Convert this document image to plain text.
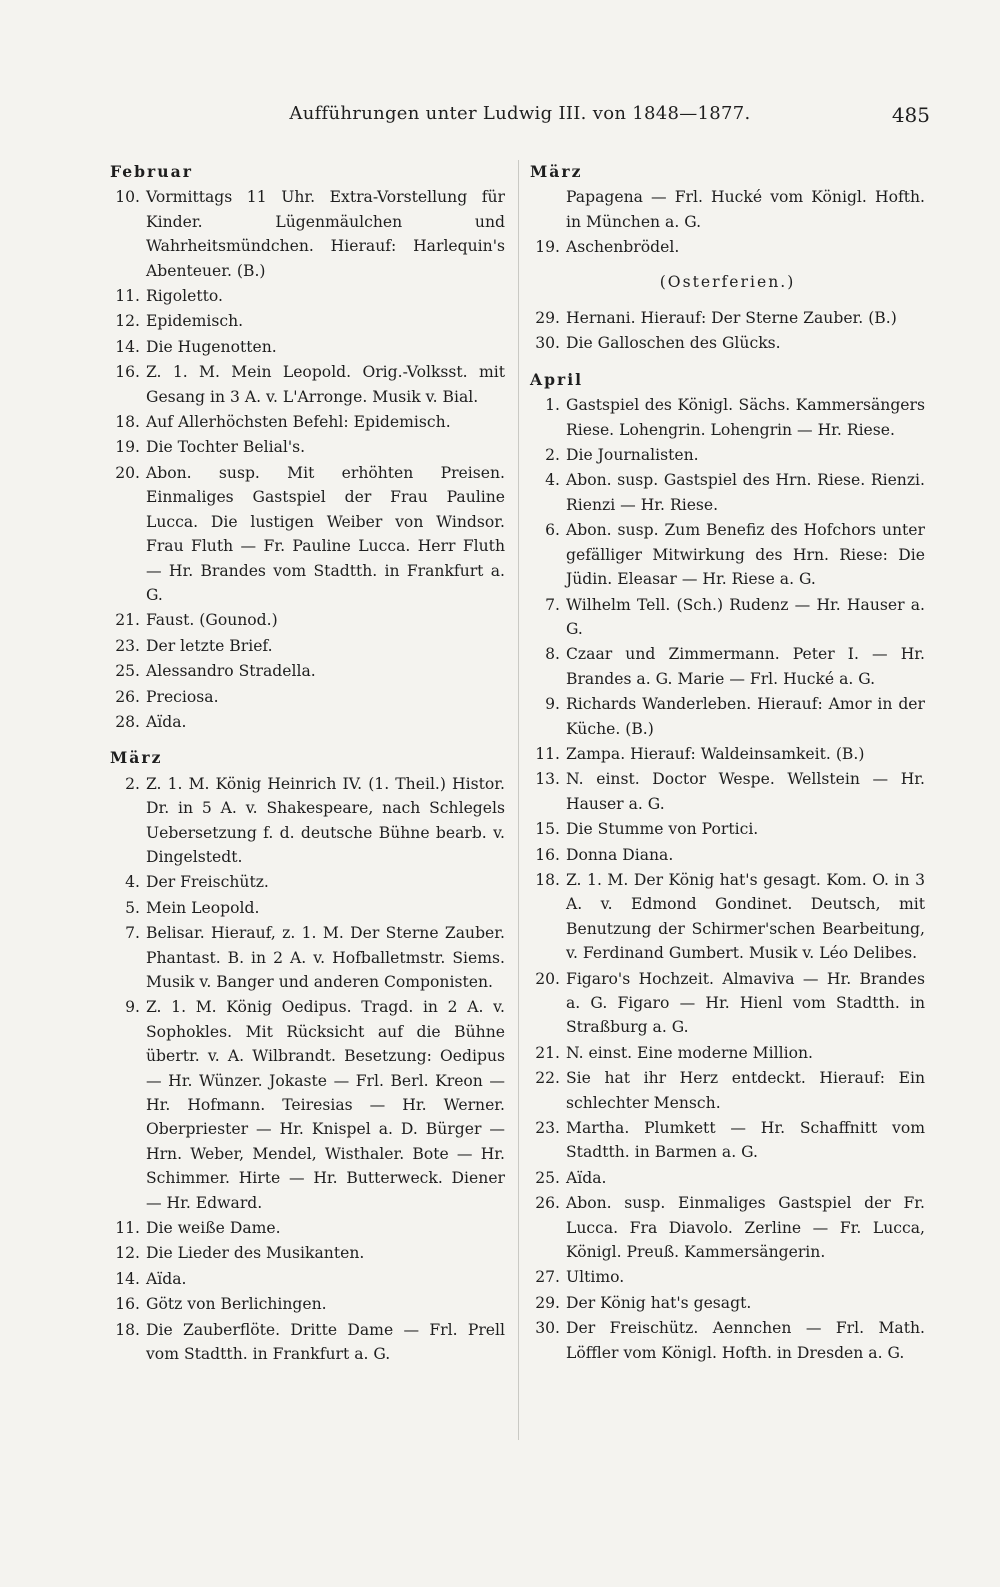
Aufführungen unter Ludwig III. von 1848—1877.	485
Februar
10. Vormittags 11 Uhr. Extra-Vorstellung für Kinder. Lügenmäulchen und Wahrheitsmündchen. Hierauf: Harlequin's Abenteuer. (B.)
11. Rigoletto.
12. Epidemisch.
14. Die Hugenotten.
16. Z. 1. M. Mein Leopold. Orig.-Volksst. mit Gesang in 3 A. v. L'Arronge. Musik v. Bial.
18. Auf Allerhöchsten Befehl: Epidemisch.
19. Die Tochter Belial's.
20. Abon. susp. Mit erhöhten Preisen. Einmaliges Gastspiel der Frau Pauline Lucca. Die lustigen Weiber von Windsor. Frau Fluth — Fr. Pauline Lucca. Herr Fluth — Hr. Brandes vom Stadtth. in Frankfurt a. G.
21. Faust. (Gounod.)
23. Der letzte Brief.
25. Alessandro Stradella.
26. Preciosa.
28. Aïda.
März
2. Z. 1. M. König Heinrich IV. (1. Theil.) Histor. Dr. in 5 A. v. Shakespeare, nach Schlegels Uebersetzung f. d. deutsche Bühne bearb. v. Dingelstedt.
4. Der Freischütz.
5. Mein Leopold.
7. Belisar. Hierauf, z. 1. M. Der Sterne Zauber. Phantast. B. in 2 A. v. Hofballetmstr. Siems. Musik v. Banger und anderen Componisten.
9. Z. 1. M. König Oedipus. Tragd. in 2 A. v. Sophokles. Mit Rücksicht auf die Bühne übertr. v. A. Wilbrandt. Besetzung: Oedipus — Hr. Wünzer. Jokaste — Frl. Berl. Kreon — Hr. Hofmann. Teiresias — Hr. Werner. Oberpriester — Hr. Knispel a. D. Bürger — Hrn. Weber, Mendel, Wisthaler. Bote — Hr. Schimmer. Hirte — Hr. Butterweck. Diener — Hr. Edward.
11. Die weiße Dame.
12. Die Lieder des Musikanten.
14. Aïda.
16. Götz von Berlichingen.
18. Die Zauberflöte. Dritte Dame — Frl. Prell vom Stadtth. in Frankfurt a. G.
März
Papagena — Frl. Hucké vom Königl. Hofth. in München a. G.
19. Aschenbrödel.
(Osterferien.)
29. Hernani. Hierauf: Der Sterne Zauber. (B.)
30. Die Galloschen des Glücks.
April
1. Gastspiel des Königl. Sächs. Kammersängers Riese. Lohengrin. Lohengrin — Hr. Riese.
2. Die Journalisten.
4. Abon. susp. Gastspiel des Hrn. Riese. Rienzi. Rienzi — Hr. Riese.
6. Abon. susp. Zum Benefiz des Hofchors unter gefälliger Mitwirkung des Hrn. Riese: Die Jüdin. Eleasar — Hr. Riese a. G.
7. Wilhelm Tell. (Sch.) Rudenz — Hr. Hauser a. G.
8. Czaar und Zimmermann. Peter I. — Hr. Brandes a. G. Marie — Frl. Hucké a. G.
9. Richards Wanderleben. Hierauf: Amor in der Küche. (B.)
11. Zampa. Hierauf: Waldeinsamkeit. (B.)
13. N. einst. Doctor Wespe. Wellstein — Hr. Hauser a. G.
15. Die Stumme von Portici.
16. Donna Diana.
18. Z. 1. M. Der König hat's gesagt. Kom. O. in 3 A. v. Edmond Gondinet. Deutsch, mit Benutzung der Schirmer'schen Bearbeitung, v. Ferdinand Gumbert. Musik v. Léo Delibes.
20. Figaro's Hochzeit. Almaviva — Hr. Brandes a. G. Figaro — Hr. Hienl vom Stadtth. in Straßburg a. G.
21. N. einst. Eine moderne Million.
22. Sie hat ihr Herz entdeckt. Hierauf: Ein schlechter Mensch.
23. Martha. Plumkett — Hr. Schaffnitt vom Stadtth. in Barmen a. G.
25. Aïda.
26. Abon. susp. Einmaliges Gastspiel der Fr. Lucca. Fra Diavolo. Zerline — Fr. Lucca, Königl. Preuß. Kammersängerin.
27. Ultimo.
29. Der König hat's gesagt.
30. Der Freischütz. Aennchen — Frl. Math. Löffler vom Königl. Hofth. in Dresden a. G.
